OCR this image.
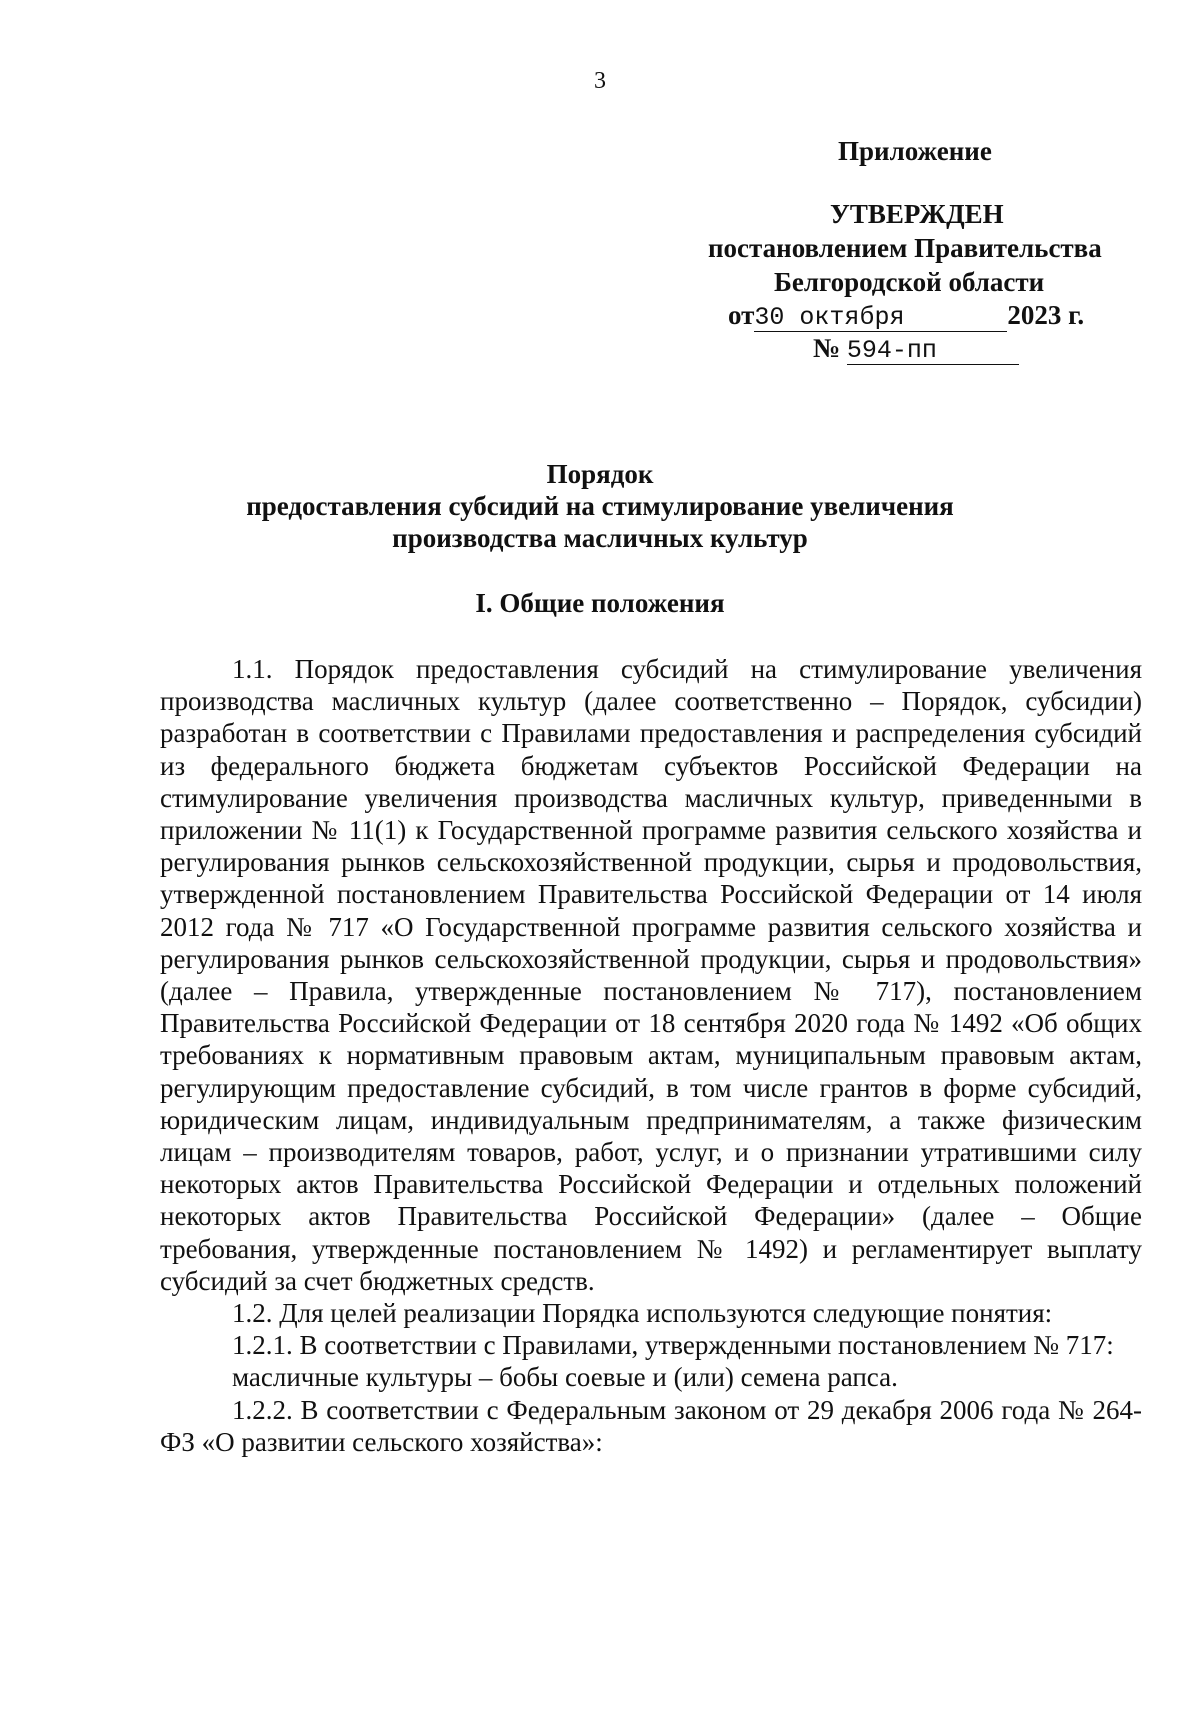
3
Приложение
УТВЕРЖДЕН
постановлением Правительства
Белгородской области
от30 октября	2023 г.
№ 594-пп
Порядок
предоставления субсидий на стимулирование увеличения
производства масличных культур
I. Общие положения

1.1. Порядок предоставления субсидий на стимулирование увеличения производства масличных культур (далее соответственно – Порядок, субсидии) разработан в соответствии с Правилами предоставления и распределения субсидий из федерального бюджета бюджетам субъектов Российской Федерации на стимулирование увеличения производства масличных культур, приведенными в приложении № 11(1) к Государственной программе развития сельского хозяйства и регулирования рынков сельскохозяйственной продукции, сырья и продовольствия, утвержденной постановлением Правительства Российской Федерации от 14 июля 2012 года № 717 «О Государственной программе развития сельского хозяйства и регулирования рынков сельскохозяйственной продукции, сырья и продовольствия» (далее – Правила, утвержденные постановлением № 717), постановлением Правительства Российской Федерации от 18 сентября 2020 года № 1492 «Об общих требованиях к нормативным правовым актам, муниципальным правовым актам, регулирующим предоставление субсидий, в том числе грантов в форме субсидий, юридическим лицам, индивидуальным предпринимателям, а также физическим лицам – производителям товаров, работ, услуг, и о признании утратившими силу некоторых актов Правительства Российской Федерации и отдельных положений некоторых актов Правительства Российской Федерации» (далее – Общие требования, утвержденные постановлением № 1492) и регламентирует выплату субсидий за счет бюджетных средств.

1.2. Для целей реализации Порядка используются следующие понятия:

1.2.1. В соответствии с Правилами, утвержденными постановлением № 717:

масличные культуры – бобы соевые и (или) семена рапса.

1.2.2. В соответствии с Федеральным законом от 29 декабря 2006 года № 264-ФЗ «О развитии сельского хозяйства»:
